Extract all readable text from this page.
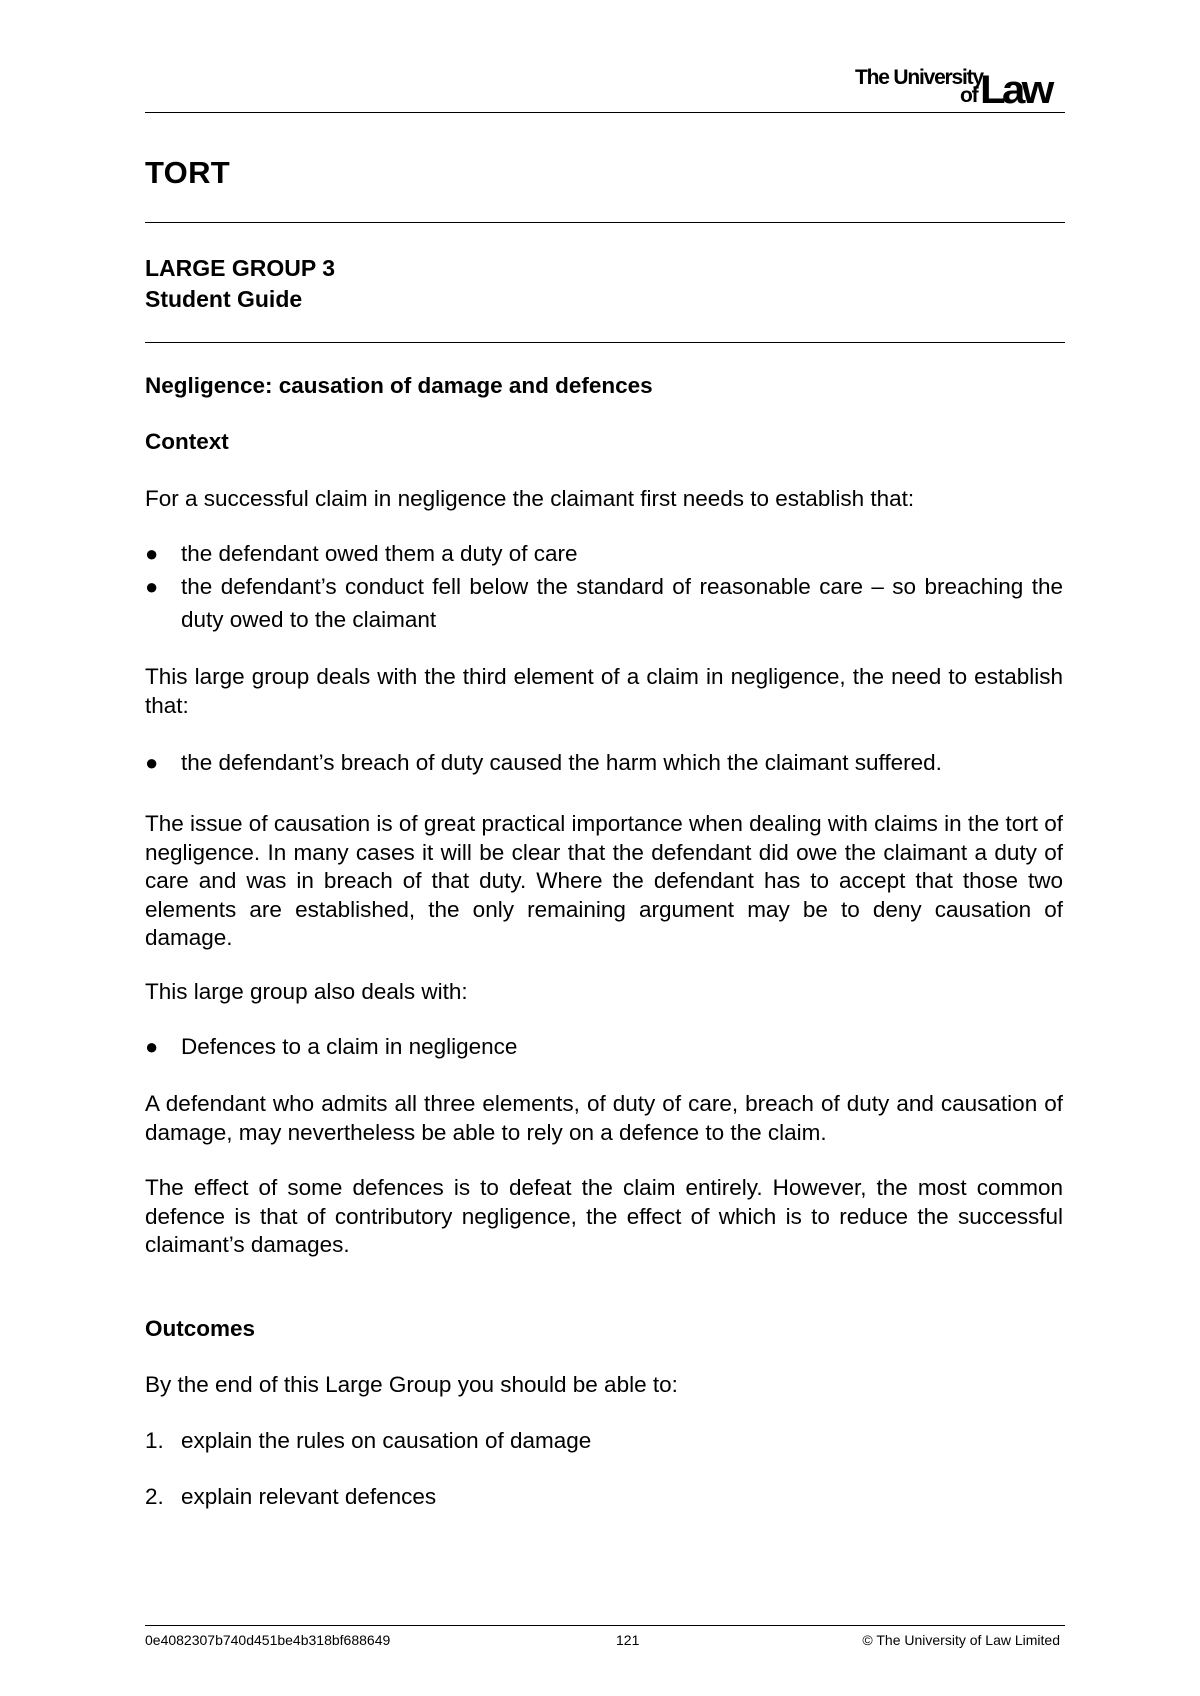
The University
of Law
TORT
LARGE GROUP 3
Student Guide
Negligence: causation of damage and defences
Context
For a successful claim in negligence the claimant first needs to establish that:
●	the defendant owed them a duty of care
●	the defendant’s conduct fell below the standard of reasonable care – so breaching the duty owed to the claimant
This large group deals with the third element of a claim in negligence, the need to establish that:
●	the defendant’s breach of duty caused the harm which the claimant suffered.
The issue of causation is of great practical importance when dealing with claims in the tort of negligence. In many cases it will be clear that the defendant did owe the claimant a duty of care and was in breach of that duty. Where the defendant has to accept that those two elements are established, the only remaining argument may be to deny causation of damage.
This large group also deals with:
●	Defences to a claim in negligence
A defendant who admits all three elements, of duty of care, breach of duty and causation of damage, may nevertheless be able to rely on a defence to the claim.
The effect of some defences is to defeat the claim entirely. However, the most common defence is that of contributory negligence, the effect of which is to reduce the successful claimant’s damages.
Outcomes
By the end of this Large Group you should be able to:
1. explain the rules on causation of damage
2. explain relevant defences
0e4082307b740d451be4b318bf688649	121	© The University of Law Limited
